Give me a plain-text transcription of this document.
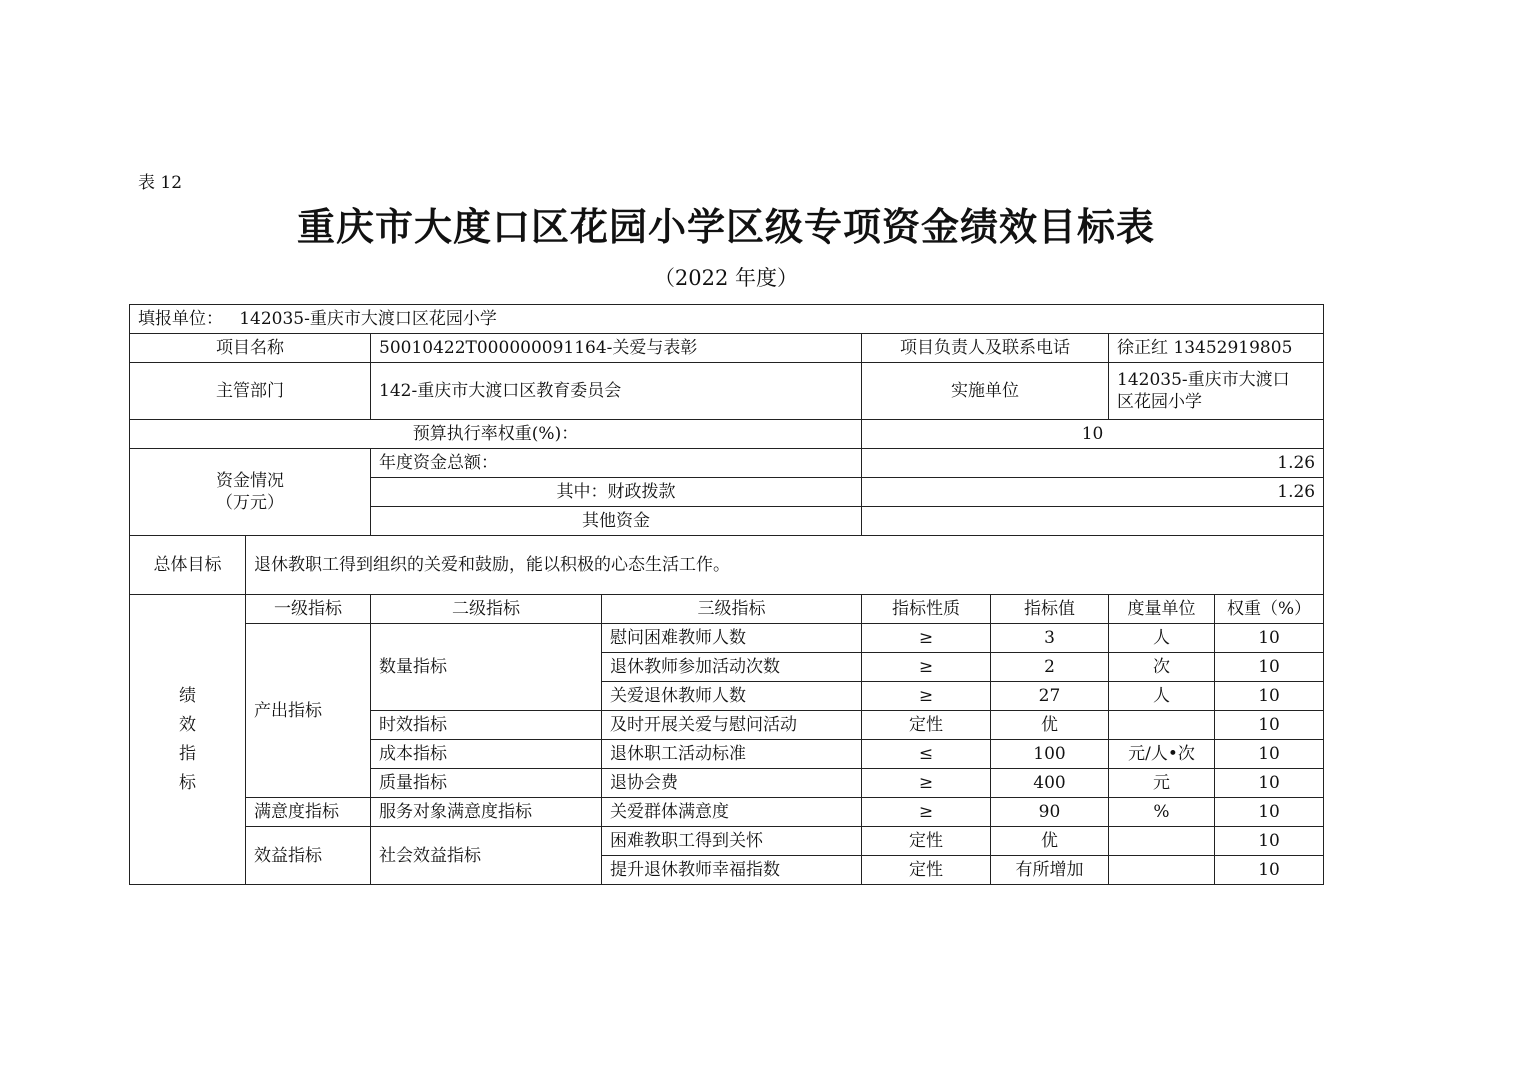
表 12
重庆市大度口区花园小学区级专项资金绩效目标表
（2022 年度）
填报单位： 142035-重庆市大渡口区花园小学							
项目名称		50010422T000000091164-关爱与表彰		项目负责人及联系电话		徐正红 13452919805	
主管部门		142-重庆市大渡口区教育委员会		实施单位		142035-重庆市大渡口
区花园小学	

预算执行率权重(%)：				10			

资金情况
（万元）		年度资金总额：		1.26			
		其中：财政拨款		1.26			
		其他资金					
总体目标	退休教职工得到组织的关爱和鼓励，能以积极的心态生活工作。						

绩
效
指
标	一级指标	二级指标	三级指标	指标性质	指标值	度量单位	权重（%）
	产出指标	数量指标	慰问困难教师人数	≥	3	人	10
			退休教师参加活动次数	≥	2	次	10
			关爱退休教师人数	≥	27	人	10
		时效指标	及时开展关爱与慰问活动	定性	优		10
		成本指标	退休职工活动标准	≤	100	元/人•次	10
		质量指标	退协会费	≥	400	元	10
	满意度指标	服务对象满意度指标	关爱群体满意度	≥	90	%	10
	效益指标	社会效益指标	困难教职工得到关怀	定性	优		10
			提升退休教师幸福指数	定性	有所增加		10
